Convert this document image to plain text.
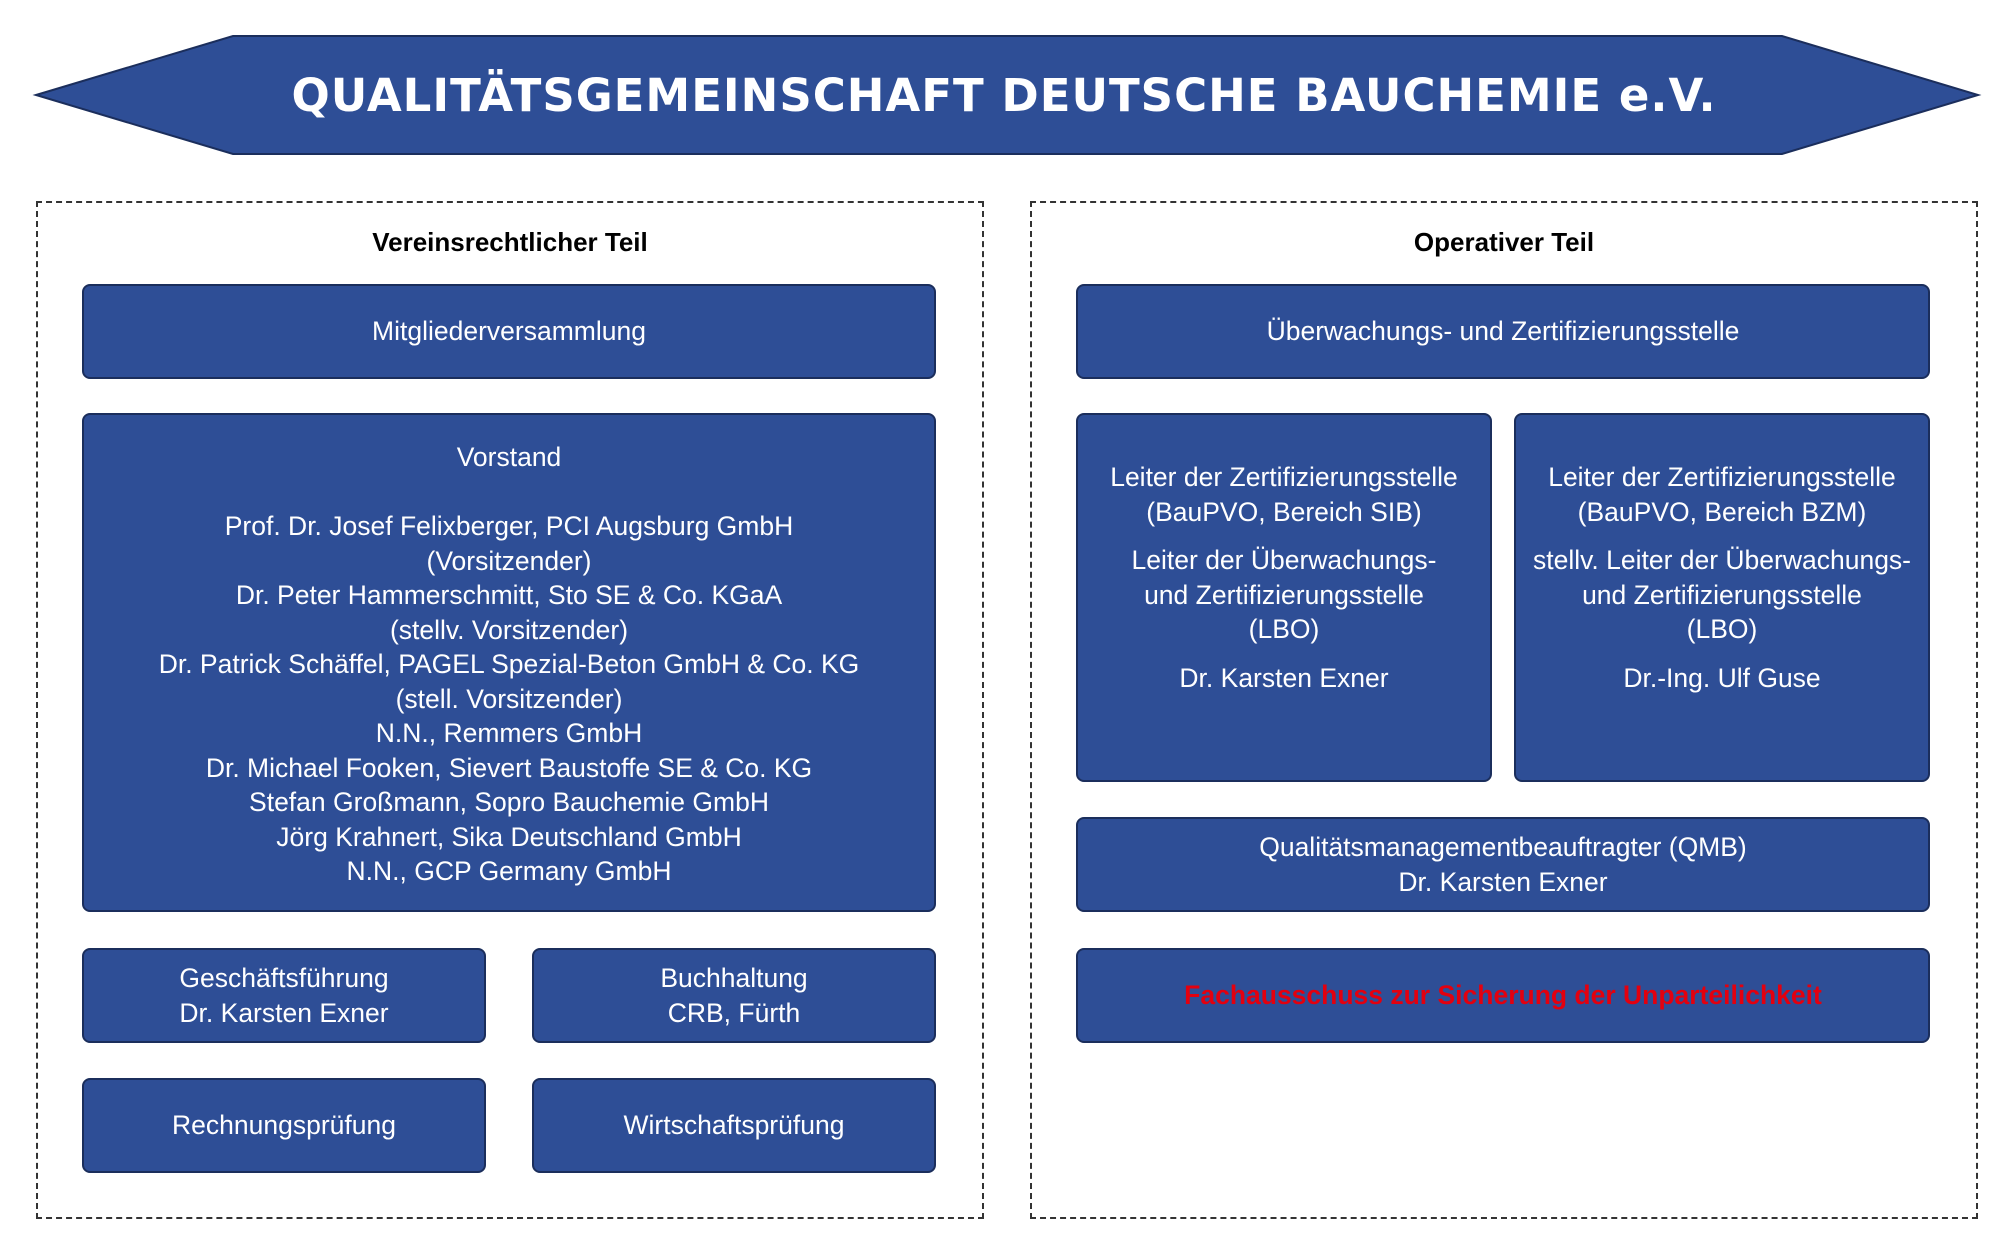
QUALITÄTSGEMEINSCHAFT DEUTSCHE BAUCHEMIE e.V.
Vereinsrechtlicher Teil
Mitgliederversammlung
Vorstand
Prof. Dr. Josef Felixberger, PCI Augsburg GmbH
(Vorsitzender)
Dr. Peter Hammerschmitt, Sto SE & Co. KGaA
(stellv. Vorsitzender)
Dr. Patrick Schäffel, PAGEL Spezial-Beton GmbH & Co. KG
(stell. Vorsitzender)
N.N., Remmers GmbH
Dr. Michael Fooken, Sievert Baustoffe SE & Co. KG
Stefan Großmann, Sopro Bauchemie GmbH
Jörg Krahnert, Sika Deutschland GmbH
N.N., GCP Germany GmbH
Geschäftsführung
Dr. Karsten Exner
Buchhaltung
CRB, Fürth
Rechnungsprüfung	Wirtschaftsprüfung
Operativer Teil
Überwachungs- und Zertifizierungsstelle
Leiter der Zertifizierungsstelle
(BauPVO, Bereich SIB)
Leiter der Überwachungs-
und Zertifizierungsstelle
(LBO)
Dr. Karsten Exner
Leiter der Zertifizierungsstelle
(BauPVO, Bereich BZM)
stellv. Leiter der Überwachungs-
und Zertifizierungsstelle
(LBO)
Dr.-Ing. Ulf Guse
Qualitätsmanagementbeauftragter (QMB)
Dr. Karsten Exner
Fachausschuss zur Sicherung der Unparteilichkeit
